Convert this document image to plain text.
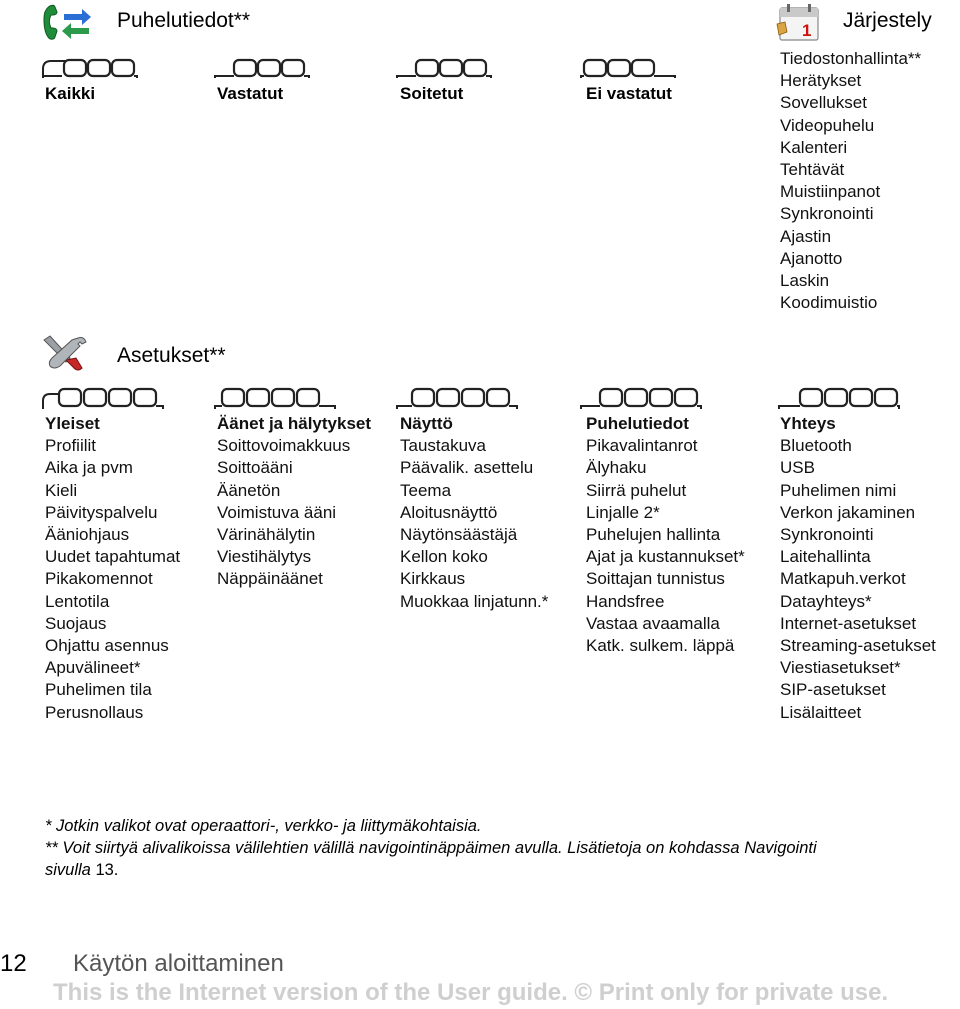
Puhelutiedot**
Kaikki	Vastatut	Soitetut	Ei vastatut
1 Järjestely
Tiedostonhallinta**
Herätykset
Sovellukset
Videopuhelu
Kalenteri
Tehtävät
Muistiinpanot
Synkronointi
Ajastin
Ajanotto
Laskin
Koodimuistio
Asetukset**
Yleiset
Profiilit
Aika ja pvm
Kieli
Päivityspalvelu
Ääniohjaus
Uudet tapahtumat
Pikakomennot
Lentotila
Suojaus
Ohjattu asennus
Apuvälineet*
Puhelimen tila
Perusnollaus
Äänet ja hälytykset
Soittovoimakkuus
Soittoääni
Äänetön
Voimistuva ääni
Värinähälytin
Viestihälytys
Näppäinäänet
Näyttö
Taustakuva
Päävalik. asettelu
Teema
Aloitusnäyttö
Näytönsäästäjä
Kellon koko
Kirkkaus
Muokkaa linjatunn.*
Puhelutiedot
Pikavalintanrot
Älyhaku
Siirrä puhelut
Linjalle 2*
Puhelujen hallinta
Ajat ja kustannukset*
Soittajan tunnistus
Handsfree
Vastaa avaamalla
Katk. sulkem. läppä
Yhteys
Bluetooth
USB
Puhelimen nimi
Verkon jakaminen
Synkronointi
Laitehallinta
Matkapuh.verkot
Datayhteys*
Internet-asetukset
Streaming-asetukset
Viestiasetukset*
SIP-asetukset
Lisälaitteet
* Jotkin valikot ovat operaattori-, verkko- ja liittymäkohtaisia.
** Voit siirtyä alivalikoissa välilehtien välillä navigointinäppäimen avulla. Lisätietoja on kohdassa Navigointi
sivulla 13.
12 Käytön aloittaminen
This is the Internet version of the User guide. © Print only for private use.
